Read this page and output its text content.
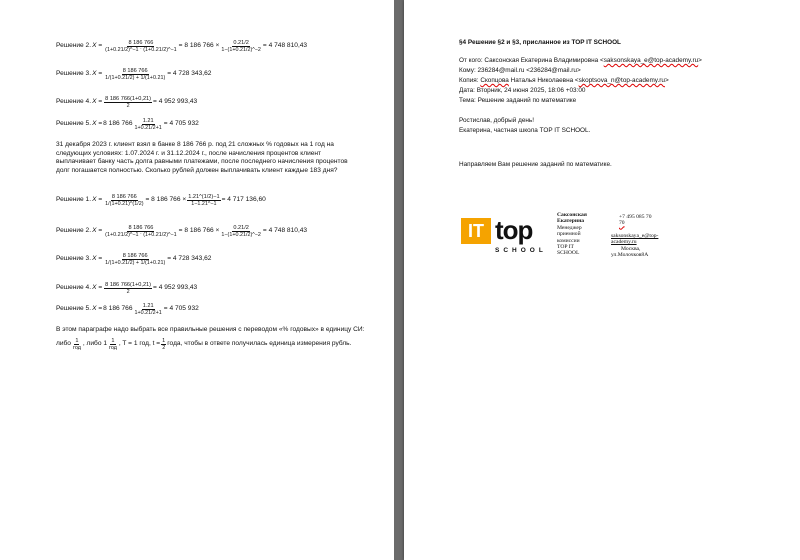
Решение 2. $X = \frac{8 186 766}{(1+0.21/2)\^{}-1 \cdot (1+0.21/2)\^{}-1} = 8$ 186 $766 \times \frac{0.21/2}{1-(1+0.21/2)\^{}-2} = 4$ 748 810,43
Решение 3. $X = \frac{8 186 766}{1/(1+0.21/2) + 1/(1+0.21)} = 4$ 728 343,62
Решение 4. $X = \frac{8 186 766(1+0,21)}{2} = 4$ 952 993,43
Решение 5. X = 8 186 $766 \frac{1.21}{1+0.21/2+1} = 4$ 705 932
31 декабря 2023 г. клиент взял в банке 8 186 766 р. под 21 сложных % годовых на 1 год на следующих условиях: 1.07.2024 г. и 31.12.2024 г., после начисления процентов клиент выплачивает банку часть долга равными платежами, после последнего начисления процентов долг погашается полностью. Сколько рублей должен выплачивать клиент каждые 183 дня?
Решение 1. $X = \frac{8 186 766}{1/(1+0.21)\^{}(1/2)} = 8$ 186 $766 \times \frac{1.21\^{}(1/2)-1}{1-1.21\^{}-1} = 4$ 717 136,60
Решение 2. $X = \frac{8 186 766}{(1+0.21/2)\^{}-1 \cdot (1+0.21/2)\^{}-1} = 8$ 186 $766 \times \frac{0.21/2}{1-(1+0.21/2)\^{}-2} = 4$ 748 810,43
Решение 3. $X = \frac{8 186 766}{1/(1+0.21/2) + 1/(1+0.21)} = 4$ 728 343,62
Решение 4. $X = \frac{8 186 766(1+0,21)}{2} = 4$ 952 993,43
Решение 5. X = 8 186 $766 \frac{1.21}{1+0.21/2+1} = 4$ 705 932
В этом параграфе надо выбрать все правильные решения с переводом «% годовых» в единицу СИ:
либо $\frac{1}{\text{год}}$ , либо $1 \frac{1}{\text{год}}$ , T = 1 год, $t = \frac{1}{2}$ года, чтобы в ответе получилась единица измерения рубль.
§4 Решение §2 и §3, присланное из TOP IT SCHOOL
От кого: Саксонская Екатерина Владимировна <saksonskaya_e@top-academy.ru>
Кому: 236284@mail.ru <236284@mail.ru>
Копия: Скопцова Наталья Николаевна <skoptsova_n@top-academy.ru>
Дата: Вторник, 24 июня 2025, 18:06 +03:00
Тема: Решение заданий по математике
Ростислав, добрый день!
Екатерина, частная школа TOP IT SCHOOL.
Направляем Вам решение заданий по математике.
IT top
SCHOOL
Саксонская
Екатерина
Менеджер
приемной
комиссии
TOP IT
SCHOOL
+7 495 085 70
70
saksonskaya_e@top-
academy.ru
Москва,
ул.Молочков8А
